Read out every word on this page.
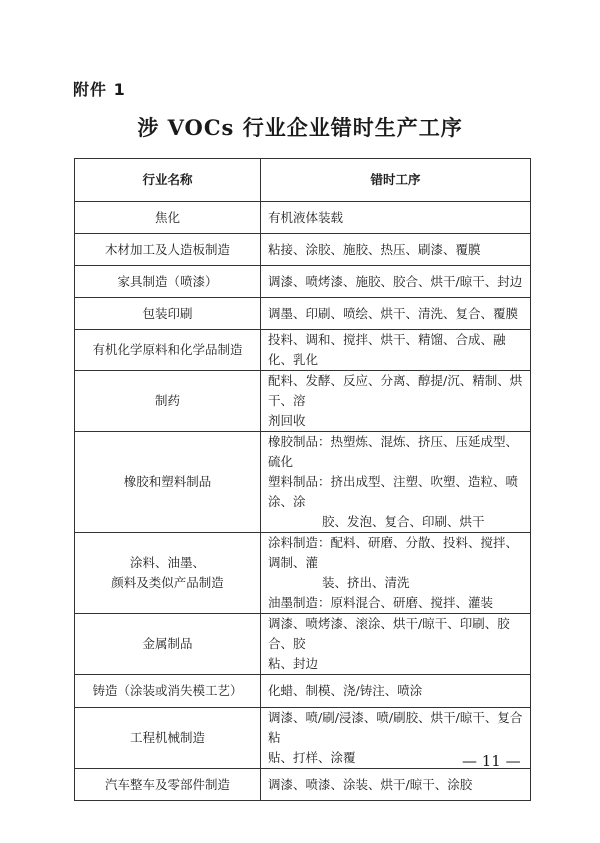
附件 1
涉 VOCs 行业企业错时生产工序
行业名称	错时工序

焦化	有机液体装载

木材加工及人造板制造	粘接、涂胶、施胶、热压、刷漆、覆膜

家具制造（喷漆）	调漆、喷烤漆、施胶、胶合、烘干/晾干、封边

包装印刷	调墨、印刷、喷绘、烘干、清洗、复合、覆膜

有机化学原料和化学品制造	投料、调和、搅拌、烘干、精馏、合成、融化、乳化

制药	配料、发酵、反应、分离、醇提/沉、精制、烘干、溶
剂回收

橡胶和塑料制品	橡胶制品：热塑炼、混炼、挤压、压延成型、硫化
塑料制品：挤出成型、注塑、吹塑、造粒、喷涂、涂
胶、发泡、复合、印刷、烘干

涂料、油墨、
颜料及类似产品制造	涂料制造：配料、研磨、分散、投料、搅拌、调制、灌
装、挤出、清洗
油墨制造：原料混合、研磨、搅拌、灌装

金属制品	调漆、喷烤漆、滚涂、烘干/晾干、印刷、胶合、胶
粘、封边

铸造（涂装或消失模工艺）	化蜡、制模、浇/铸注、喷涂

工程机械制造	调漆、喷/刷/浸漆、喷/刷胶、烘干/晾干、复合粘
贴、打样、涂覆

汽车整车及零部件制造	调漆、喷漆、涂装、烘干/晾干、涂胶
— 11 —
